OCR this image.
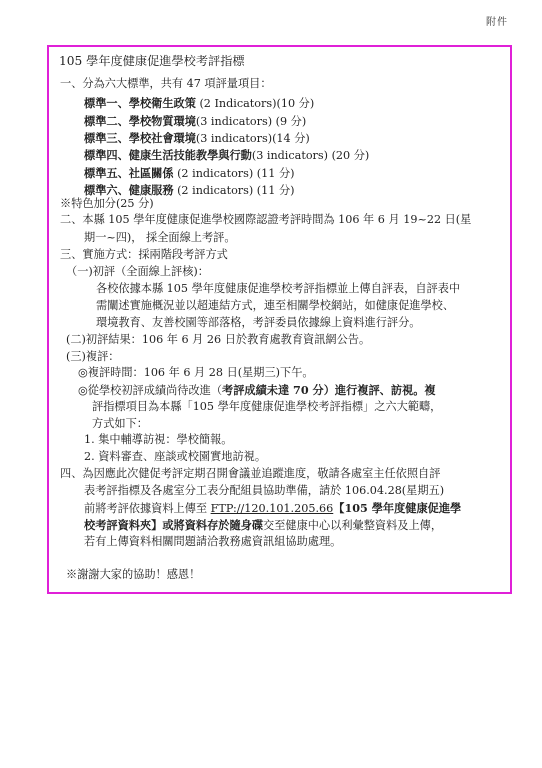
附件
105 學年度健康促進學校考評指標
一、分為六大標準，共有 47 項評量項目：
標準一、學校衛生政策 (2 Indicators)(10 分)
標準二、學校物質環境(3 indicators) (9 分)
標準三、學校社會環境(3 indicators)(14 分)
標準四、健康生活技能教學與行動(3 indicators) (20 分)
標準五、社區關係 (2 indicators) (11 分)
標準六、健康服務 (2 indicators) (11 分)
※特色加分(25 分)
二、本縣 105 學年度健康促進學校國際認證考評時間為 106 年 6 月 19~22 日(星
期一~四)， 採全面線上考評。
三、實施方式：採兩階段考評方式
（一)初評（全面線上評核)：
各校依據本縣 105 學年度健康促進學校考評指標並上傳自評表，自評表中
需闡述實施概況並以超連結方式，連至相關學校網站，如健康促進學校、
環境教育、友善校園等部落格，考評委員依據線上資料進行評分。
(二)初評結果：106 年 6 月 26 日於教育處教育資訊網公告。
(三)複評：
◎複評時間：106 年 6 月 28 日(星期三)下午。
◎從學校初評成績尚待改進（考評成績未達 70 分）進行複評、訪視。複
評指標項目為本縣「105 學年度健康促進學校考評指標」之六大範疇，
方式如下：
1. 集中輔導訪視：學校簡報。
2. 資料審查、座談或校園實地訪視。
四、為因應此次健促考評定期召開會議並追蹤進度，敬請各處室主任依照自評
表考評指標及各處室分工表分配組員協助準備，請於 106.04.28(星期五)
前將考評依據資料上傳至 FTP://120.101.205.66【105 學年度健康促進學
校考評資料夾】或將資料存於隨身碟交至健康中心以利彙整資料及上傳，
若有上傳資料相關問題請洽教務處資訊組協助處理。
※謝謝大家的協助！感恩！
